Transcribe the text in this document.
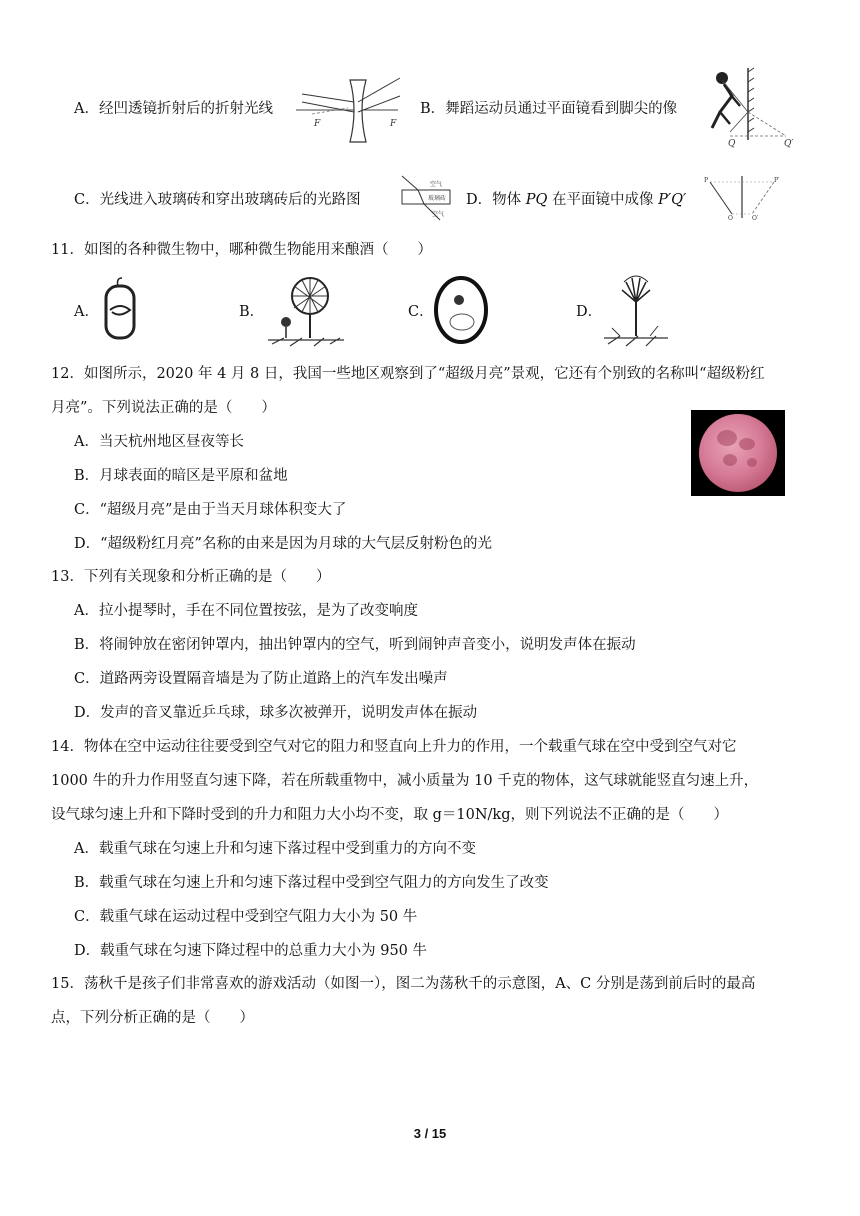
A．经凹透镜折射后的折射光线
F	F
B．舞蹈运动员通过平面镜看到脚尖的像
Q	Q′
C．光线进入玻璃砖和穿出玻璃砖后的光路图
空气
玻璃砖
空气
D．物体 PQ 在平面镜中成像 P′Q′
P
Q
P′
Q′
11．如图的各种微生物中，哪种微生物能用来酿酒（　　）
A．	B．	C．	D．
12．如图所示，2020 年 4 月 8 日，我国一些地区观察到了“超级月亮”景观，它还有个别致的名称叫“超级粉红
月亮”。下列说法正确的是（　　）
A．当天杭州地区昼夜等长
B．月球表面的暗区是平原和盆地
C．“超级月亮”是由于当天月球体积变大了
D．“超级粉红月亮”名称的由来是因为月球的大气层反射粉色的光
13．下列有关现象和分析正确的是（　　）
A．拉小提琴时，手在不同位置按弦，是为了改变响度
B．将闹钟放在密闭钟罩内，抽出钟罩内的空气，听到闹钟声音变小，说明发声体在振动
C．道路两旁设置隔音墙是为了防止道路上的汽车发出噪声
D．发声的音叉靠近乒乓球，球多次被弹开，说明发声体在振动
14．物体在空中运动往往要受到空气对它的阻力和竖直向上升力的作用，一个载重气球在空中受到空气对它
1000 牛的升力作用竖直匀速下降，若在所载重物中，减小质量为 10 千克的物体，这气球就能竖直匀速上升，
设气球匀速上升和下降时受到的升力和阻力大小均不变，取 g＝10N/kg，则下列说法不正确的是（　　）
A．载重气球在匀速上升和匀速下落过程中受到重力的方向不变
B．载重气球在匀速上升和匀速下落过程中受到空气阻力的方向发生了改变
C．载重气球在运动过程中受到空气阻力大小为 50 牛
D．载重气球在匀速下降过程中的总重力大小为 950 牛
15．荡秋千是孩子们非常喜欢的游戏活动（如图一），图二为荡秋千的示意图，A、C 分别是荡到前后时的最高
点，下列分析正确的是（　　）
3 / 15
